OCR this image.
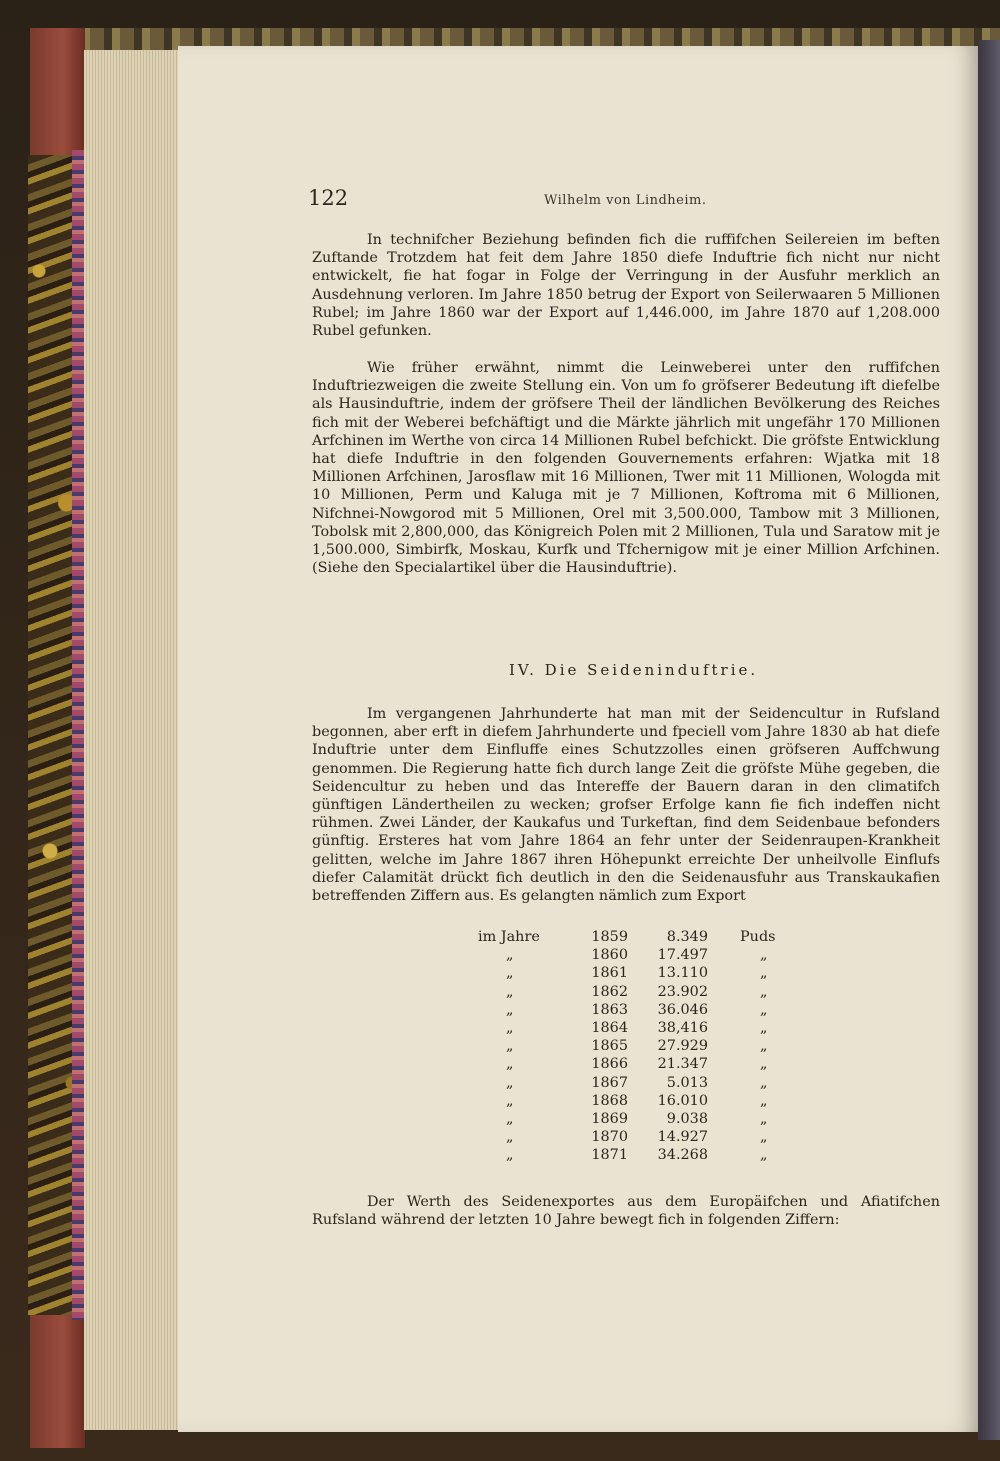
122	Wilhelm von Lindheim.

In technifcher Beziehung befinden fich die ruffifchen Seilereien im beften Zuftande Trotzdem hat feit dem Jahre 1850 diefe Induftrie fich nicht nur nicht entwickelt, fie hat fogar in Folge der Verringung in der Ausfuhr merklich an Ausdehnung verloren. Im Jahre 1850 betrug der Export von Seilerwaaren 5 Millionen Rubel; im Jahre 1860 war der Export auf 1,446.000, im Jahre 1870 auf 1,208.000 Rubel gefunken.

Wie früher erwähnt, nimmt die Leinweberei unter den ruffifchen Induftriezweigen die zweite Stellung ein. Von um fo gröfserer Bedeutung ift diefelbe als Hausinduftrie, indem der gröfsere Theil der ländlichen Bevölkerung des Reiches fich mit der Weberei befchäftigt und die Märkte jährlich mit ungefähr 170 Millionen Arfchinen im Werthe von circa 14 Millionen Rubel befchickt. Die gröfste Entwicklung hat diefe Induftrie in den folgenden Gouvernements erfahren: Wjatka mit 18 Millionen Arfchinen, Jarosflaw mit 16 Millionen, Twer mit 11 Millionen, Wologda mit 10 Millionen, Perm und Kaluga mit je 7 Millionen, Koftroma mit 6 Millionen, Nifchnei-Nowgorod mit 5 Millionen, Orel mit 3,500.000, Tambow mit 3 Millionen, Tobolsk mit 2,800,000, das Königreich Polen mit 2 Millionen, Tula und Saratow mit je 1,500.000, Simbirfk, Moskau, Kurfk und Tfchernigow mit je einer Million Arfchinen. (Siehe den Specialartikel über die Hausinduftrie).

IV. Die Seideninduftrie.

Im vergangenen Jahrhunderte hat man mit der Seidencultur in Rufsland begonnen, aber erft in diefem Jahrhunderte und fpeciell vom Jahre 1830 ab hat diefe Induftrie unter dem Einfluffe eines Schutzzolles einen gröfseren Auffchwung genommen. Die Regierung hatte fich durch lange Zeit die gröfste Mühe gegeben, die Seidencultur zu heben und das Intereffe der Bauern daran in den climatifch günftigen Ländertheilen zu wecken; grofser Erfolge kann fie fich indeffen nicht rühmen. Zwei Länder, der Kaukafus und Turkeftan, find dem Seidenbaue befonders günftig. Ersteres hat vom Jahre 1864 an fehr unter der Seidenraupen-Krankheit gelitten, welche im Jahre 1867 ihren Höhepunkt erreichte Der unheilvolle Einflufs diefer Calamität drückt fich deutlich in den die Seidenausfuhr aus Transkaukafien betreffenden Ziffern aus. Es gelangten nämlich zum Export

im Jahre	1859	8.349 Puds
„	1860	17.497	„
„	1861	13.110	„
„	1862	23.902	„
„	1863	36.046	„
„	1864	38,416	„
„	1865	27.929	„
„	1866	21.347	„
„	1867	5.013	„
„	1868	16.010	„
„	1869	9.038	„
„	1870	14.927	„
„	1871	34.268	„

Der Werth des Seidenexportes aus dem Europäifchen und Afiatifchen Rufsland während der letzten 10 Jahre bewegt fich in folgenden Ziffern:
